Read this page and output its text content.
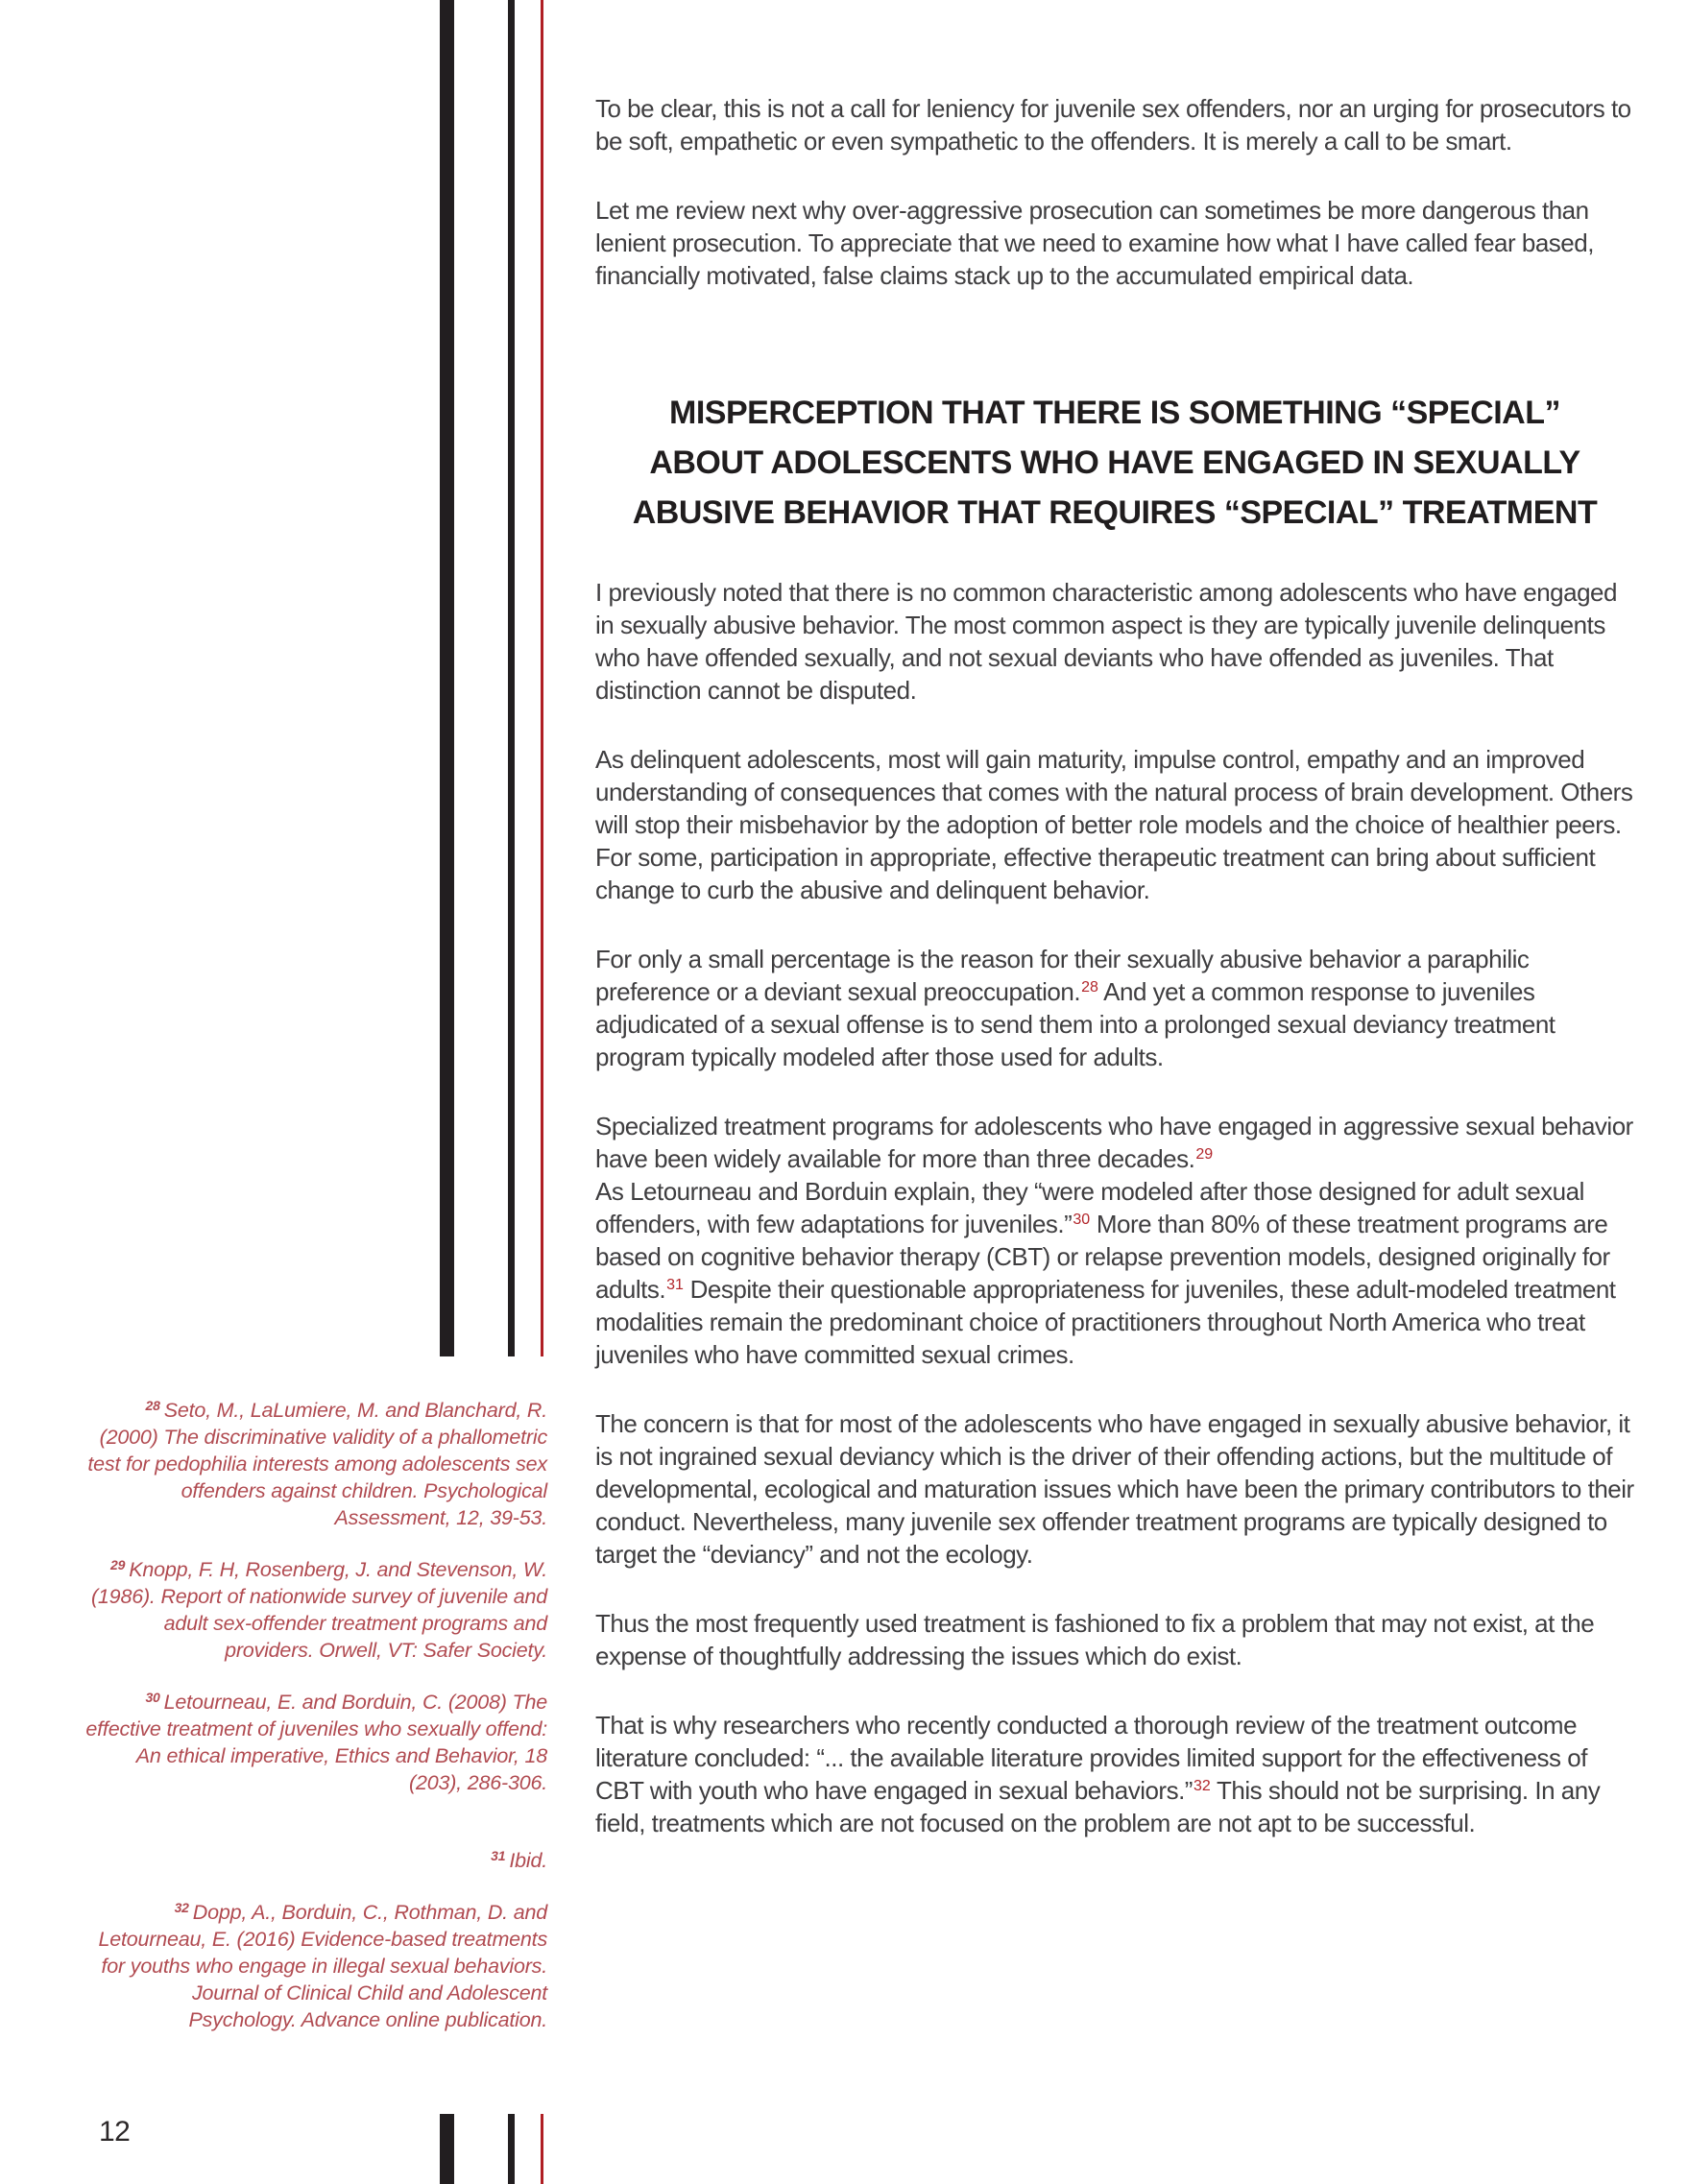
$^{28}$ Seto, M., LaLumiere, M. and Blanchard, R. (2000) The discriminative validity of a phallometric test for pedophilia interests among adolescents sex offenders against children. Psychological Assessment, 12, 39-53.

$^{29}$ Knopp, F. H, Rosenberg, J. and Stevenson, W. (1986). Report of nationwide survey of juvenile and adult sex-offender treatment programs and providers. Orwell, VT: Safer Society.

$^{30}$ Letourneau, E. and Borduin, C. (2008) The effective treatment of juveniles who sexually offend: An ethical imperative, Ethics and Behavior, 18 (203), 286-306.

$^{31}$ Ibid.

$^{32}$ Dopp, A., Borduin, C., Rothman, D. and Letourneau, E. (2016) Evidence-based treatments for youths who engage in illegal sexual behaviors. Journal of Clinical Child and Adolescent Psychology. Advance online publication.

To be clear, this is not a call for leniency for juvenile sex offenders, nor an urging for prosecutors to be soft, empathetic or even sympathetic to the offenders. It is merely a call to be smart.

Let me review next why over-aggressive prosecution can sometimes be more dangerous than lenient prosecution. To appreciate that we need to examine how what I have called fear based, financially motivated, false claims stack up to the accumulated empirical data.

MISPERCEPTION THAT THERE IS SOMETHING “SPECIAL”
ABOUT ADOLESCENTS WHO HAVE ENGAGED IN SEXUALLY
ABUSIVE BEHAVIOR THAT REQUIRES “SPECIAL” TREATMENT

I previously noted that there is no common characteristic among adolescents who have engaged in sexually abusive behavior. The most common aspect is they are typically juvenile delinquents who have offended sexually, and not sexual deviants who have offended as juveniles. That distinction cannot be disputed.

As delinquent adolescents, most will gain maturity, impulse control, empathy and an improved understanding of consequences that comes with the natural process of brain development. Others will stop their misbehavior by the adoption of better role models and the choice of healthier peers. For some, participation in appropriate, effective therapeutic treatment can bring about sufficient change to curb the abusive and delinquent behavior.

For only a small percentage is the reason for their sexually abusive behavior a paraphilic preference or a deviant sexual preoccupation.$^{28}$ And yet a common response to juveniles adjudicated of a sexual offense is to send them into a prolonged sexual deviancy treatment program typically modeled after those used for adults.

Specialized treatment programs for adolescents who have engaged in aggressive sexual behavior have been widely available for more than three decades.$^{29}$
As Letourneau and Borduin explain, they “were modeled after those designed for adult sexual offenders, with few adaptations for juveniles.”$^{30}$ More than 80% of these treatment programs are based on cognitive behavior therapy (CBT) or relapse prevention models, designed originally for adults.$^{31}$ Despite their questionable appropriateness for juveniles, these adult-modeled treatment modalities remain the predominant choice of practitioners throughout North America who treat juveniles who have committed sexual crimes.

The concern is that for most of the adolescents who have engaged in sexually abusive behavior, it is not ingrained sexual deviancy which is the driver of their offending actions, but the multitude of developmental, ecological and maturation issues which have been the primary contributors to their conduct. Nevertheless, many juvenile sex offender treatment programs are typically designed to target the “deviancy” and not the ecology.

Thus the most frequently used treatment is fashioned to fix a problem that may not exist, at the expense of thoughtfully addressing the issues which do exist.

That is why researchers who recently conducted a thorough review of the treatment outcome literature concluded: “... the available literature provides limited support for the effectiveness of CBT with youth who have engaged in sexual behaviors.”$^{32}$ This should not be surprising. In any field, treatments which are not focused on the problem are not apt to be successful.

12
